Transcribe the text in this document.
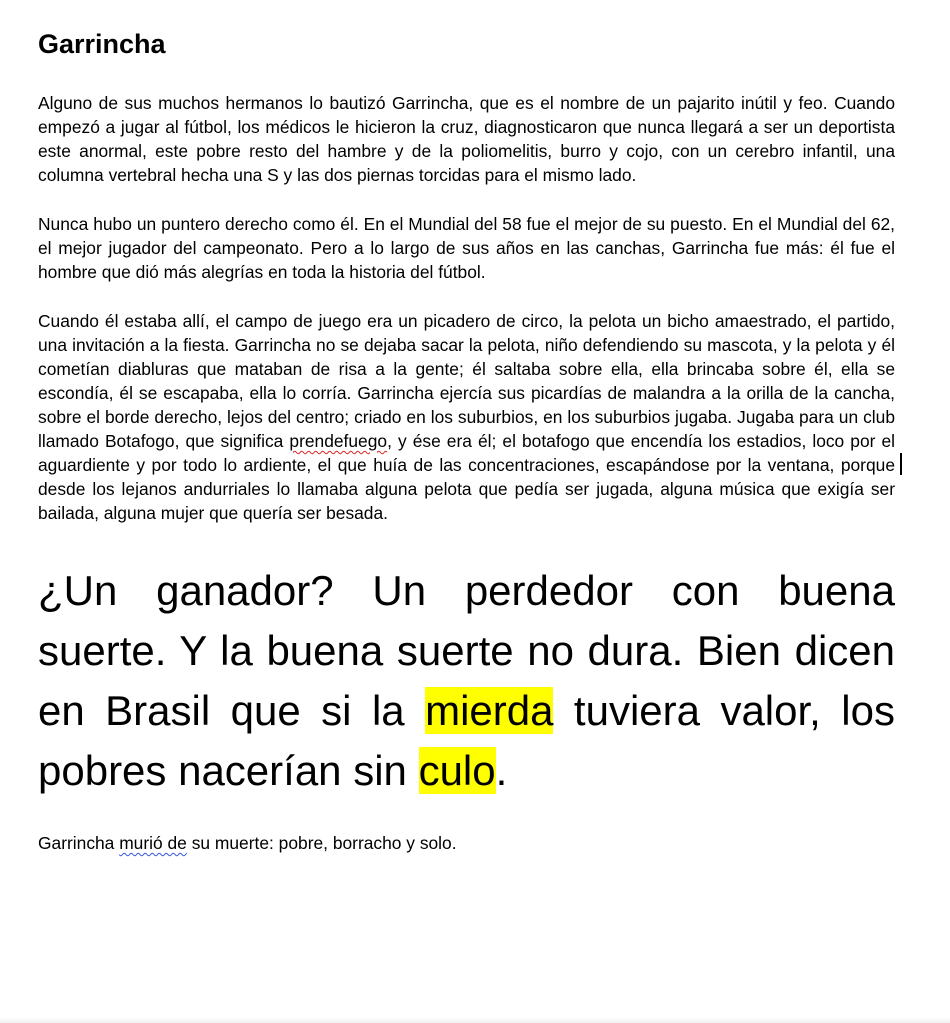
Garrincha

Alguno de sus muchos hermanos lo bautizó Garrincha, que es el nombre de un pajarito inútil y feo. Cuando empezó a jugar al fútbol, los médicos le hicieron la cruz, diagnosticaron que nunca llegará a ser un deportista este anormal, este pobre resto del hambre y de la poliomelitis, burro y cojo, con un cerebro infantil, una columna vertebral hecha una S y las dos piernas torcidas para el mismo lado.

Nunca hubo un puntero derecho como él. En el Mundial del 58 fue el mejor de su puesto. En el Mundial del 62, el mejor jugador del campeonato. Pero a lo largo de sus años en las canchas, Garrincha fue más: él fue el hombre que dió más alegrías en toda la historia del fútbol.

Cuando él estaba allí, el campo de juego era un picadero de circo, la pelota un bicho amaestrado, el partido, una invitación a la fiesta. Garrincha no se dejaba sacar la pelota, niño defendiendo su mascota, y la pelota y él cometían diabluras que mataban de risa a la gente; él saltaba sobre ella, ella brincaba sobre él, ella se escondía, él se escapaba, ella lo corría. Garrincha ejercía sus picardías de malandra a la orilla de la cancha, sobre el borde derecho, lejos del centro; criado en los suburbios, en los suburbios jugaba. Jugaba para un club llamado Botafogo, que significa prendefuego, y ése era él; el botafogo que encendía los estadios, loco por el aguardiente y por todo lo ardiente, el que huía de las concentraciones, escapándose por la ventana, porque desde los lejanos andurriales lo llamaba alguna pelota que pedía ser jugada, alguna música que exigía ser bailada, alguna mujer que quería ser besada.

¿Un ganador? Un perdedor con buena suerte. Y la buena suerte no dura. Bien dicen en Brasil que si la mierda tuviera valor, los pobres nacerían sin culo.

Garrincha murió de su muerte: pobre, borracho y solo.
